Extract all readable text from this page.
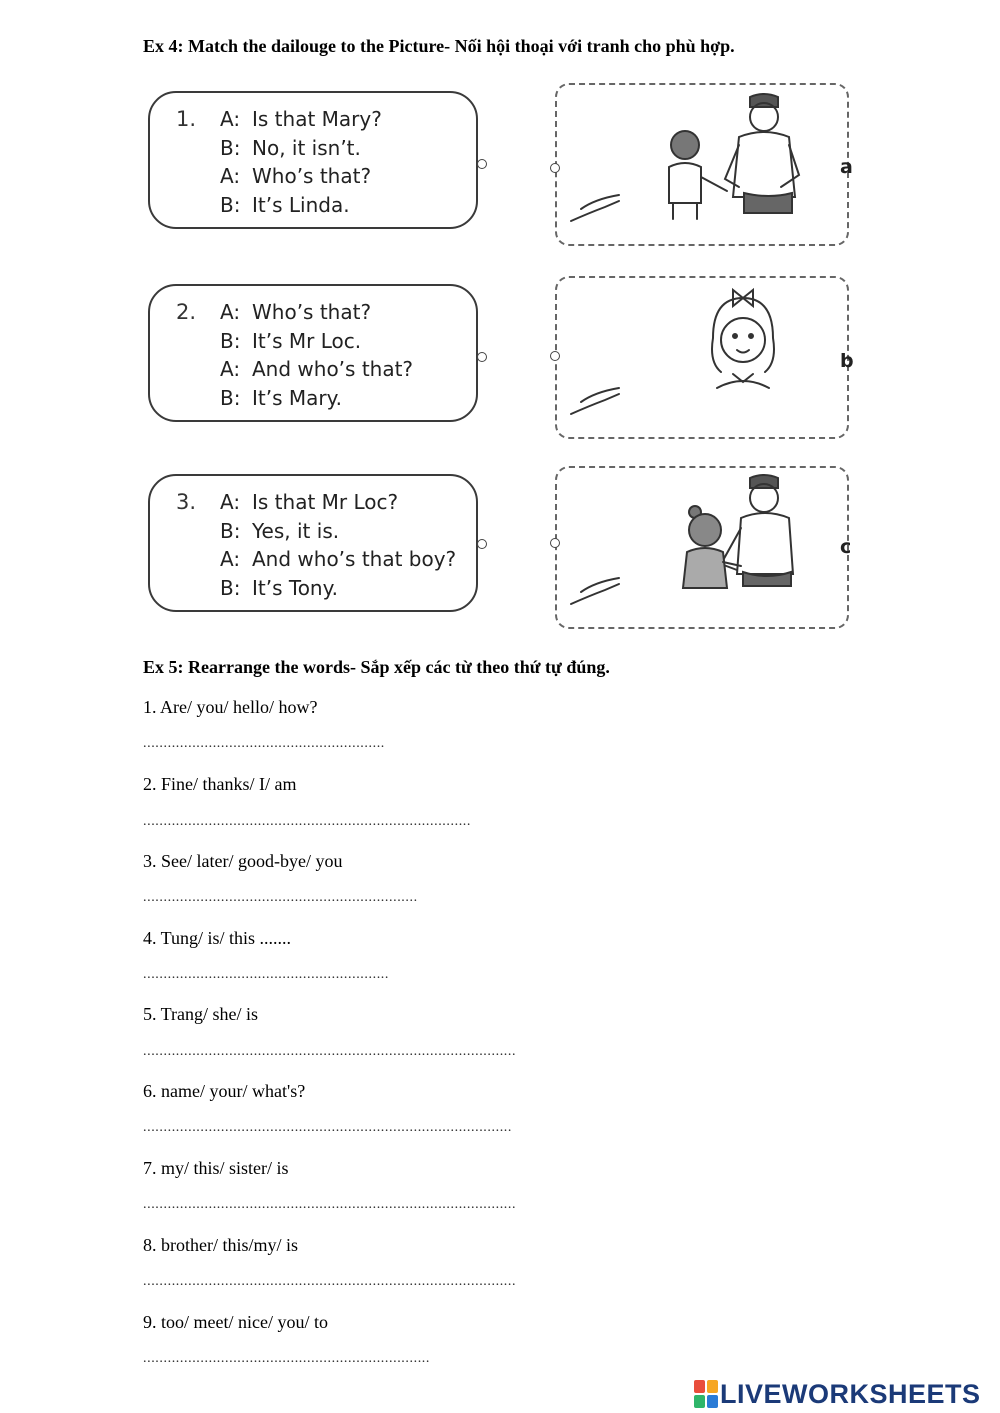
Ex 4: Match the dailouge to the Picture- Nối hội thoại với tranh cho phù hợp.
1. A: Is that Mary?
B: No, it isn’t.
A: Who’s that?
B: It’s Linda.
2. A: Who’s that?
B: It’s Mr Loc.
A: And who’s that?
B: It’s Mary.
3. A: Is that Mr Loc?
B: Yes, it is.
A: And who’s that boy?
B: It’s Tony.
a
b
c
Ex 5: Rearrange the words- Sắp xếp các từ theo thứ tự đúng.
1. Are/ you/ hello/ how?
...........................................................
2. Fine/ thanks/ I/ am
................................................................................
3. See/ later/ good-bye/ you
...................................................................
4. Tung/ is/ this .......
............................................................
5. Trang/ she/ is
...........................................................................................
6. name/ your/ what's?
..........................................................................................
7. my/ this/ sister/ is
...........................................................................................
8. brother/ this/my/ is
...........................................................................................
9. too/ meet/ nice/ you/ to
......................................................................
LIVEWORKSHEETS
